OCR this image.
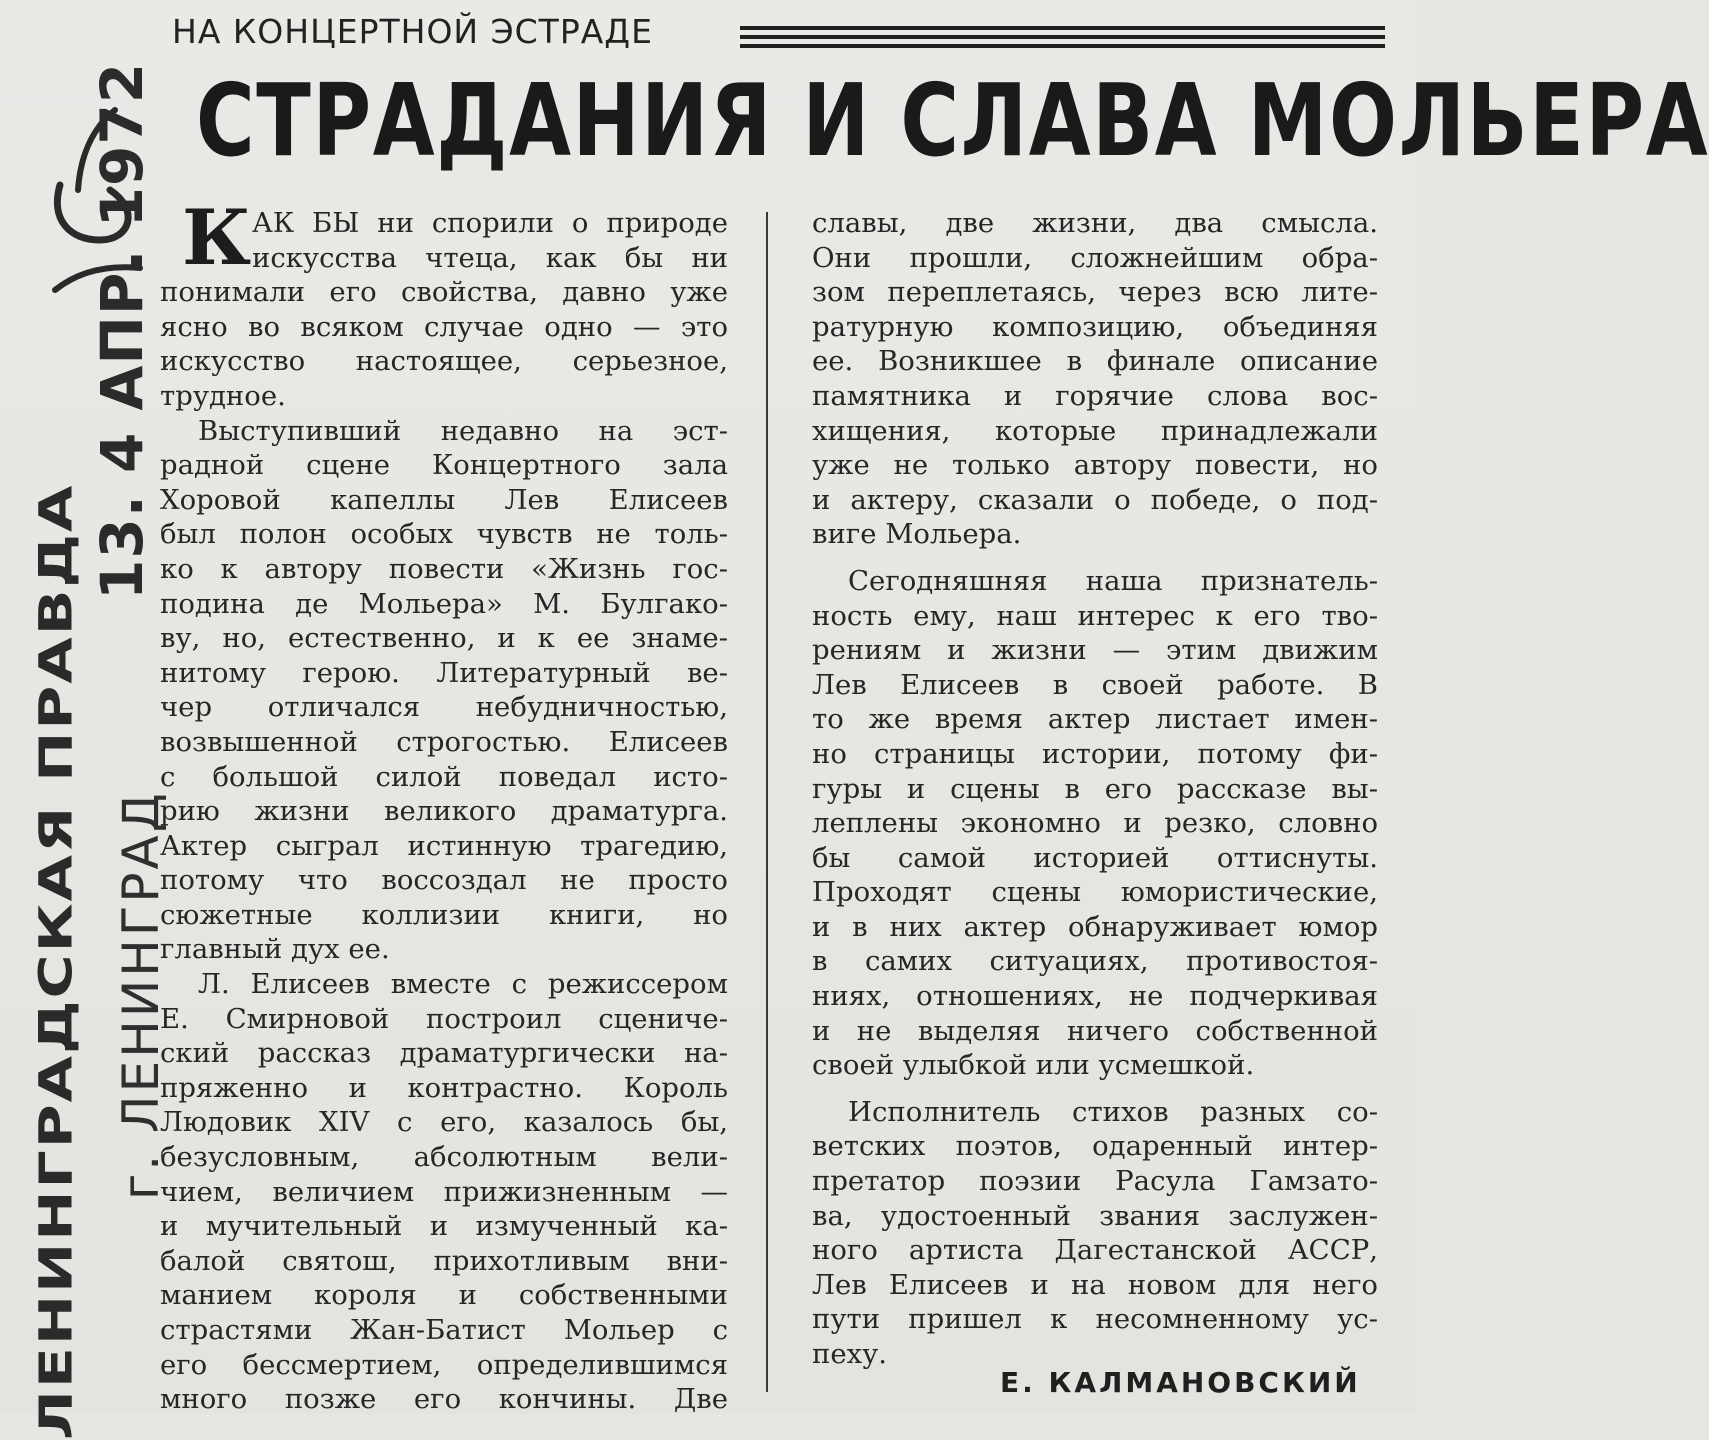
ЛЕНИНГРАДСКАЯ ПРАВДА г. ЛЕНИНГРАД
13. 4 АПР. 1972
НА КОНЦЕРТНОЙ ЭСТРАДЕ
СТРАДАНИЯ И СЛАВА МОЛЬЕРА
К АК БЫ ни спорили о природе
искусства чтеца, как бы ни
понимали его свойства, давно уже
ясно во всяком случае одно — это
искусство настоящее, серьезное,
трудное.
Выступивший недавно на эст-
радной сцене Концертного зала
Хоровой капеллы Лев Елисеев
был полон особых чувств не толь-
ко к автору повести «Жизнь гос-
подина де Мольера» М. Булгако-
ву, но, естественно, и к ее знаме-
нитому герою. Литературный ве-
чер отличался небудничностью,
возвышенной строгостью. Елисеев
с большой силой поведал исто-
рию жизни великого драматурга.
Актер сыграл истинную трагедию,
потому что воссоздал не просто
сюжетные коллизии книги, но
главный дух ее.
Л. Елисеев вместе с режиссером
Е. Смирновой построил сцениче-
ский рассказ драматургически на-
пряженно и контрастно. Король
Людовик XIV с его, казалось бы,
безусловным, абсолютным вели-
чием, величием прижизненным —
и мучительный и измученный ка-
балой святош, прихотливым вни-
манием короля и собственными
страстями Жан-Батист Мольер с
его бессмертием, определившимся
много позже его кончины. Две
славы, две жизни, два смысла.
Они прошли, сложнейшим обра-
зом переплетаясь, через всю лите-
ратурную композицию, объединяя
ее. Возникшее в финале описание
памятника и горячие слова вос-
хищения, которые принадлежали
уже не только автору повести, но
и актеру, сказали о победе, о под-
виге Мольера.
Сегодняшняя наша признатель-
ность ему, наш интерес к его тво-
рениям и жизни — этим движим
Лев Елисеев в своей работе. В
то же время актер листает имен-
но страницы истории, потому фи-
гуры и сцены в его рассказе вы-
леплены экономно и резко, словно
бы самой историей оттиснуты.
Проходят сцены юмористические,
и в них актер обнаруживает юмор
в самих ситуациях, противостоя-
ниях, отношениях, не подчеркивая
и не выделяя ничего собственной
своей улыбкой или усмешкой.
Исполнитель стихов разных со-
ветских поэтов, одаренный интер-
претатор поэзии Расула Гамзато-
ва, удостоенный звания заслужен-
ного артиста Дагестанской АССР,
Лев Елисеев и на новом для него
пути пришел к несомненному ус-
пеху.
Е. КАЛМАНОВСКИЙ
